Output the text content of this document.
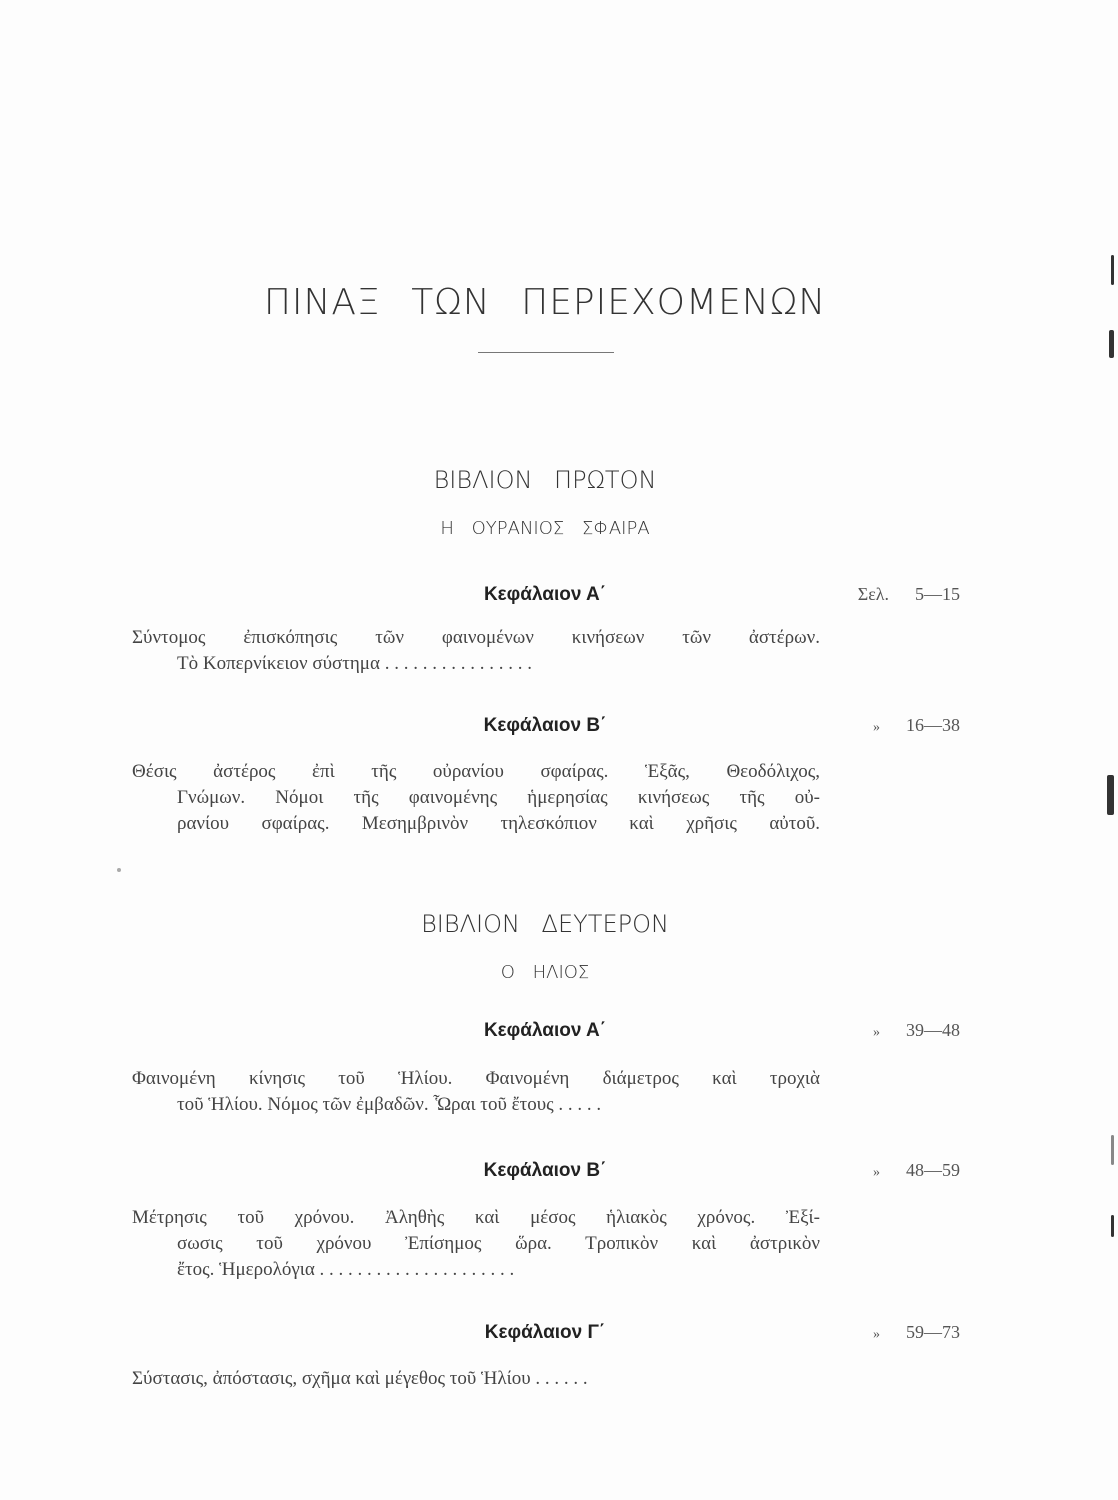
ΠΙΝΑΞ ΤΩΝ ΠΕΡΙΕΧΟΜΕΝΩΝ
ΒΙΒΛΙΟΝ ΠΡΩΤΟΝ
Η ΟΥΡΑΝΙΟΣ ΣΦΑΙΡΑ
Κεφάλαιον Α΄	Σελ. 5—15
Σύντομος ἐπισκόπησις τῶν φαινομένων κινήσεων τῶν ἀστέρων.
Τὸ Κοπερνίκειον σύστημα . . . . . . . . . . . . . . . .
Κεφάλαιον Β΄	» 16—38
Θέσις ἀστέρος ἐπὶ τῆς οὐρανίου σφαίρας. Ἑξᾶς, Θεοδόλιχος,
Γνώμων. Νόμοι τῆς φαινομένης ἡμερησίας κινήσεως τῆς οὐ-
ρανίου σφαίρας. Μεσημβρινὸν τηλεσκόπιον καὶ χρῆσις αὐτοῦ.
ΒΙΒΛΙΟΝ ΔΕΥΤΕΡΟΝ
Ο ΗΛΙΟΣ
Κεφάλαιον Α΄	» 39—48
Φαινομένη κίνησις τοῦ Ἡλίου. Φαινομένη διάμετρος καὶ τροχιὰ
τοῦ Ἡλίου. Νόμος τῶν ἐμβαδῶν. Ὧραι τοῦ ἔτους . . . . .
Κεφάλαιον Β΄	» 48—59
Μέτρησις τοῦ χρόνου. Ἀληθὴς καὶ μέσος ἡλιακὸς χρόνος. Ἐξί-
σωσις τοῦ χρόνου Ἐπίσημος ὥρα. Τροπικὸν καὶ ἀστρικὸν
ἔτος. Ἡμερολόγια . . . . . . . . . . . . . . . . . . . . .
Κεφάλαιον Γ΄	» 59—73
Σύστασις, ἀπόστασις, σχῆμα καὶ μέγεθος τοῦ Ἡλίου . . . . . .
